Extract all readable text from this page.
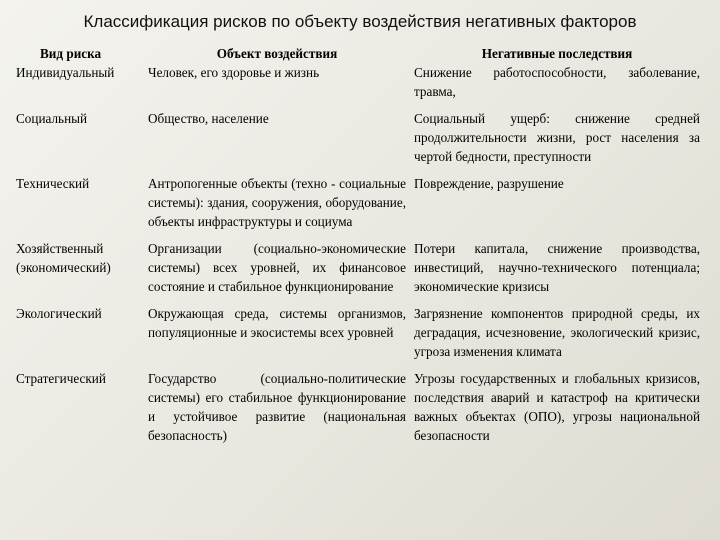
Классификация рисков по объекту воздействия негативных факторов
Вид риска	Объект воздействия	Негативные последствия
Индивидуальный	Человек, его здоровье и жизнь	Снижение работоспособности, заболевание, травма,
Социальный	Общество, население	Социальный ущерб: снижение средней продолжительности жизни, рост населения за чертой бедности, преступности
Технический	Антропогенные объекты (техно - социальные системы): здания, сооружения, оборудование, объекты инфраструктуры и социума	Повреждение, разрушение
Хозяйственный (экономический)	Организации (социально-экономические системы) всех уровней, их финансовое состояние и стабильное функционирование	Потери капитала, снижение производства, инвестиций, научно-технического потенциала; экономические кризисы
Экологический	Окружающая среда, системы организмов, популяционные и экосистемы всех уровней	Загрязнение компонентов природной среды, их деградация, исчезновение, экологический кризис, угроза изменения климата
Стратегический	Государство (социально-политические системы) его стабильное функционирование и устойчивое развитие (национальная безопасность)	Угрозы государственных и глобальных кризисов, последствия аварий и катастроф на критически важных объектах (ОПО), угрозы национальной безопасности
